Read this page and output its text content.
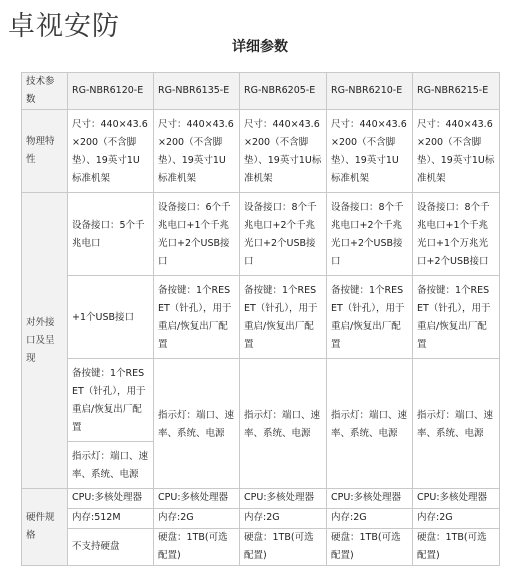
卓视安防
详细参数
技术参数	RG-NBR6120-E	RG-NBR6135-E	RG-NBR6205-E	RG-NBR6210-E	RG-NBR6215-E
物理特性	尺寸：440×43.6×200（不含脚垫）、19英寸1U标准机架	尺寸：440×43.6×200（不含脚垫）、19英寸1U标准机架	尺寸：440×43.6×200（不含脚垫）、19英寸1U标准机架	尺寸：440×43.6×200（不含脚垫）、19英寸1U标准机架	尺寸：440×43.6×200（不含脚垫）、19英寸1U标准机架
对外接口及呈现	设备接口：5个千兆电口	设备接口：6个千兆电口+1个千兆光口+2个USB接口	设备接口：8个千兆电口+2个千兆光口+2个USB接口	设备接口：8个千兆电口+2个千兆光口+2个USB接口	设备接口：8个千兆电口+1个千兆光口+1个万兆光口+2个USB接口
	+1个USB接口	备按键：1个RESET（针孔），用于重启/恢复出厂配置	备按键：1个RESET（针孔），用于重启/恢复出厂配置	备按键：1个RESET（针孔），用于重启/恢复出厂配置	备按键：1个RESET（针孔），用于重启/恢复出厂配置
	备按键：1个RESET（针孔），用于重启/恢复出厂配置	指示灯：端口、速率、系统、电源	指示灯：端口、速率、系统、电源	指示灯：端口、速率、系统、电源	指示灯：端口、速率、系统、电源
	指示灯：端口、速率、系统、电源				
硬件规格	CPU:多核处理器	CPU:多核处理器	CPU:多核处理器	CPU:多核处理器	CPU:多核处理器
	内存:512M	内存:2G	内存:2G	内存:2G	内存:2G
	不支持硬盘	硬盘：1TB(可选配置)	硬盘：1TB(可选配置)	硬盘：1TB(可选配置)	硬盘：1TB(可选配置)
